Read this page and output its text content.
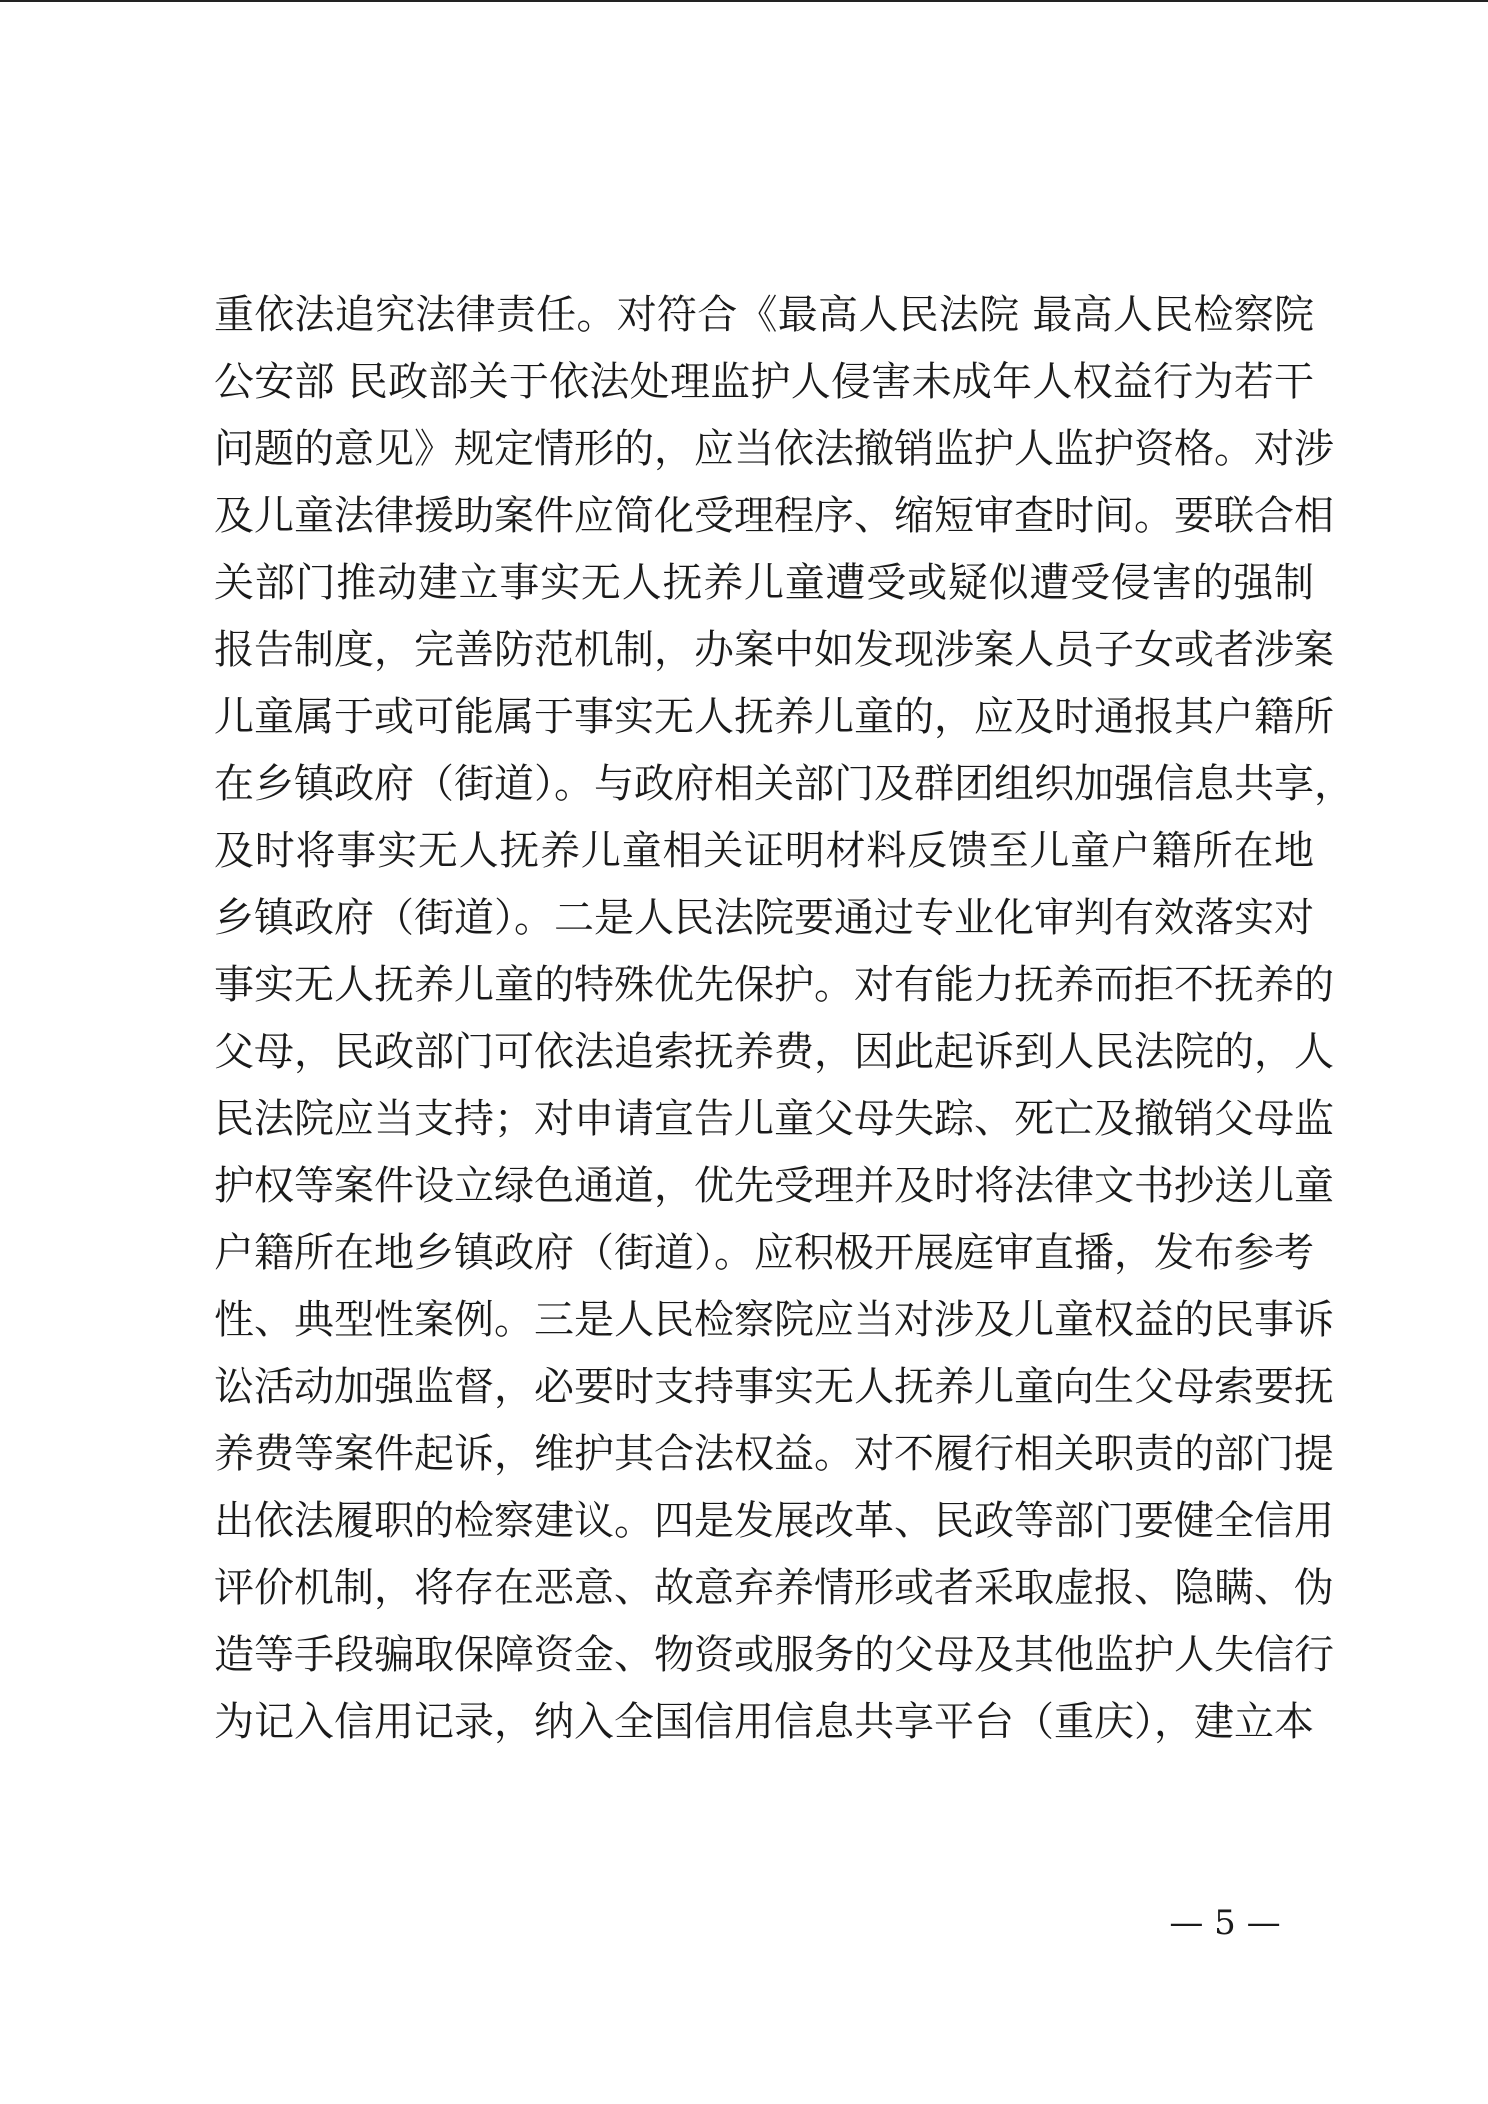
重依法追究法律责任。对符合《最高人民法院 最高人民检察院
公安部 民政部关于依法处理监护人侵害未成年人权益行为若干
问题的意见》规定情形的，应当依法撤销监护人监护资格。对涉
及儿童法律援助案件应简化受理程序、缩短审查时间。要联合相
关部门推动建立事实无人抚养儿童遭受或疑似遭受侵害的强制
报告制度，完善防范机制，办案中如发现涉案人员子女或者涉案
儿童属于或可能属于事实无人抚养儿童的，应及时通报其户籍所
在乡镇政府（街道）。与政府相关部门及群团组织加强信息共享，
及时将事实无人抚养儿童相关证明材料反馈至儿童户籍所在地
乡镇政府（街道）。二是人民法院要通过专业化审判有效落实对
事实无人抚养儿童的特殊优先保护。对有能力抚养而拒不抚养的
父母，民政部门可依法追索抚养费，因此起诉到人民法院的，人
民法院应当支持；对申请宣告儿童父母失踪、死亡及撤销父母监
护权等案件设立绿色通道，优先受理并及时将法律文书抄送儿童
户籍所在地乡镇政府（街道）。应积极开展庭审直播，发布参考
性、典型性案例。三是人民检察院应当对涉及儿童权益的民事诉
讼活动加强监督，必要时支持事实无人抚养儿童向生父母索要抚
养费等案件起诉，维护其合法权益。对不履行相关职责的部门提
出依法履职的检察建议。四是发展改革、民政等部门要健全信用
评价机制，将存在恶意、故意弃养情形或者采取虚报、隐瞒、伪
造等手段骗取保障资金、物资或服务的父母及其他监护人失信行
为记入信用记录，纳入全国信用信息共享平台（重庆），建立本
— 5 —
